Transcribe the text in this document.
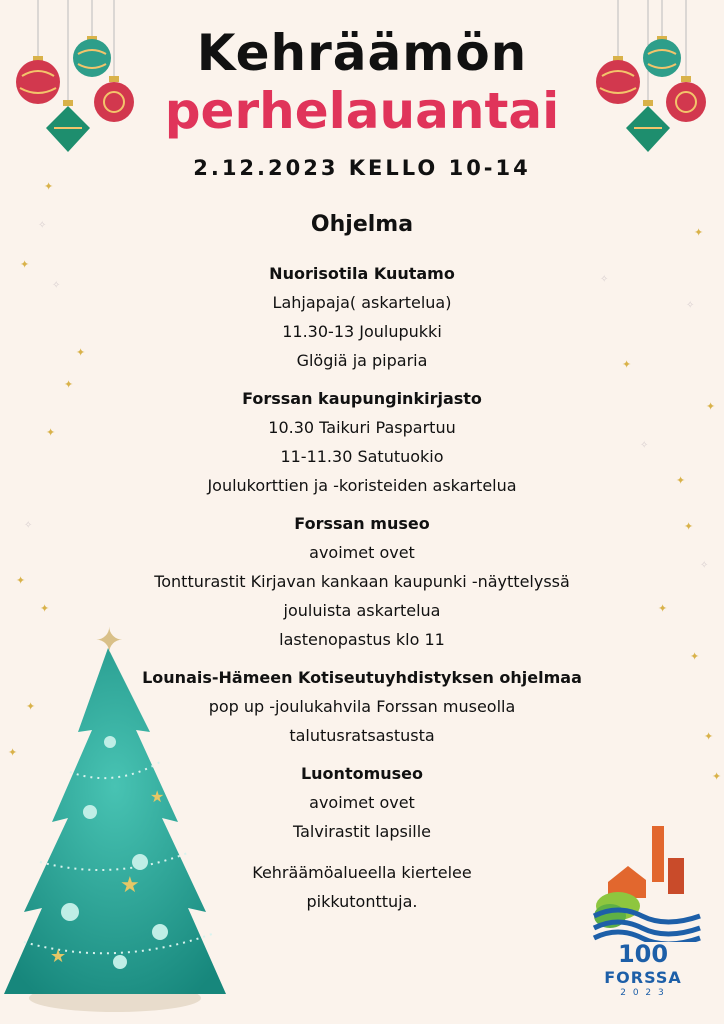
✦
✦
✦
✦
✦
✦
✦
✦
✦
✦
✦
✦
✦
✦
✦
✦
✦
✦
✧
✧
✧
✧
✧
✧
✧
Kehräämön
perhelauantai
2.12.2023 KELLO 10-14
Ohjelma
Nuorisotila Kuutamo
Lahjapaja( askartelua)
11.30-13 Joulupukki
Glögiä ja piparia
Forssan kaupunginkirjasto
10.30 Taikuri Paspartuu
11-11.30 Satutuokio
Joulukorttien ja -koristeiden askartelua
Forssan museo
avoimet ovet
Tontturastit Kirjavan kankaan kaupunki -näyttelyssä
jouluista askartelua
lastenopastus klo 11
Lounais-Hämeen Kotiseutuyhdistyksen ohjelmaa
pop up -joulukahvila Forssan museolla
talutusratsastusta
Luontomuseo
avoimet ovet
Talvirastit lapsille
Kehräämöalueella kiertelee
pikkutonttuja.
★
★
★
✦
100
FORSSA
2 0 2 3
